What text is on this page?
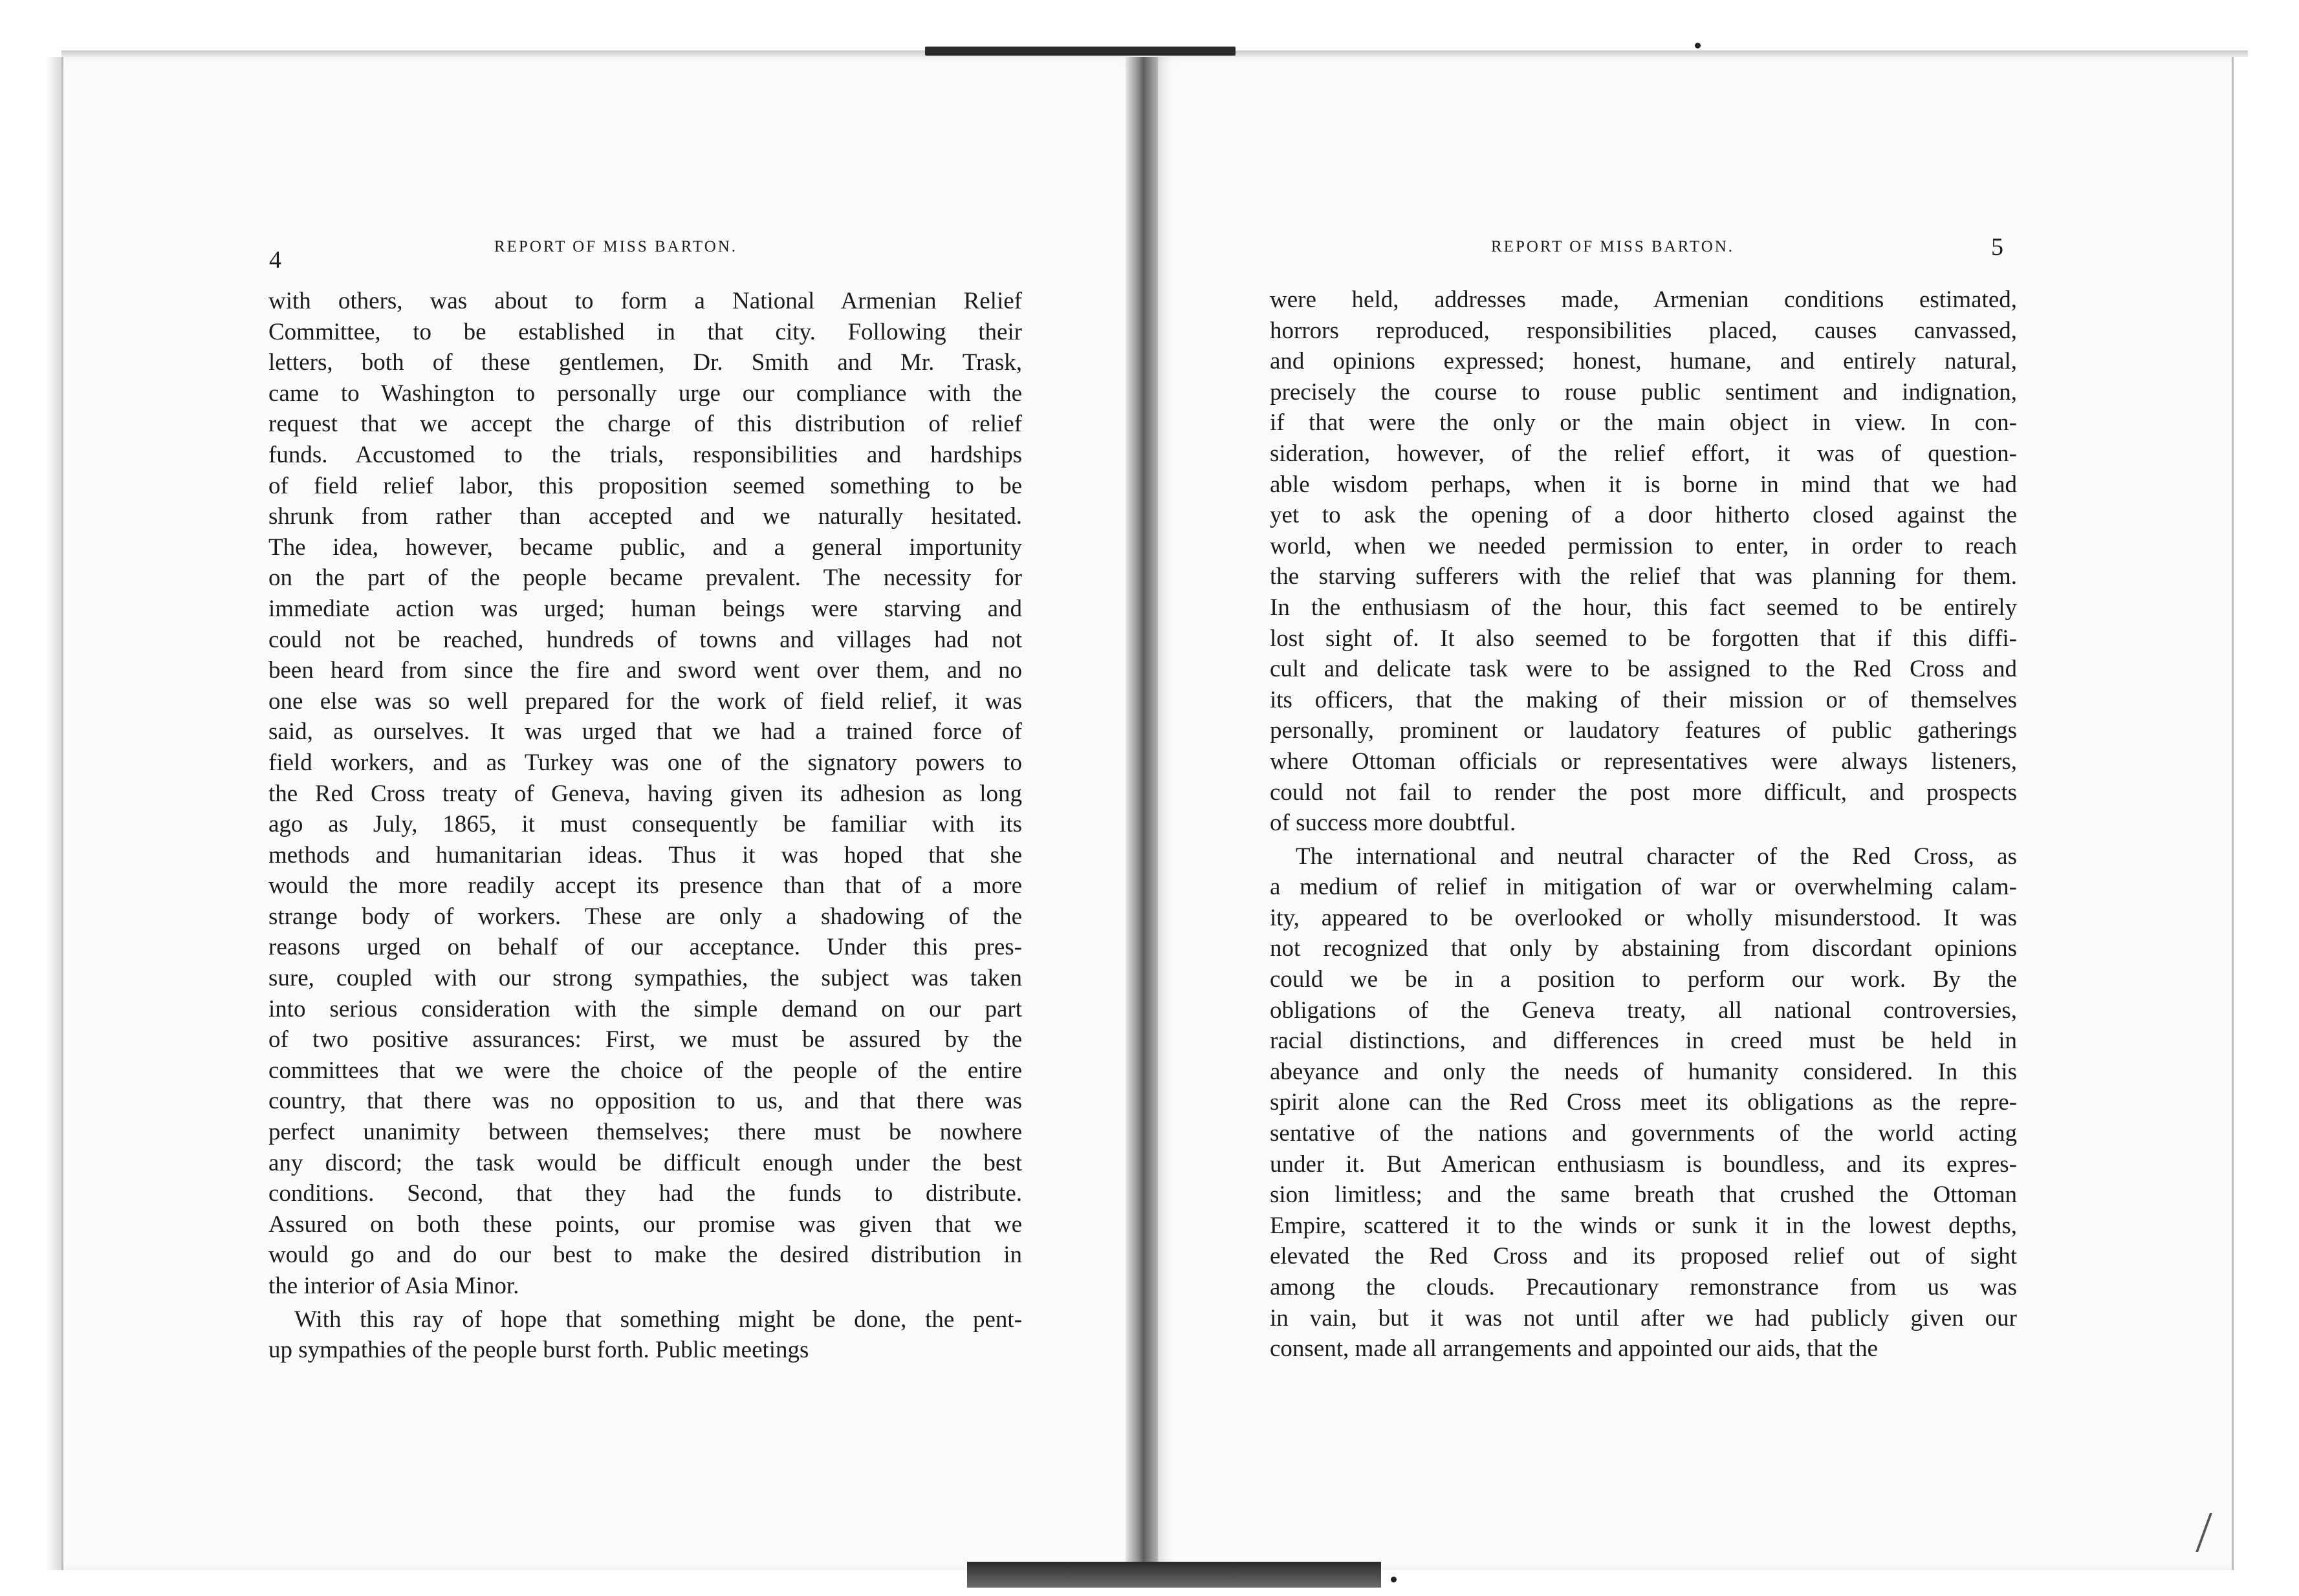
4	REPORT OF MISS BARTON.

with others, was about to form a National Armenian Relief
Committee, to be established in that city. Following their
letters, both of these gentlemen, Dr. Smith and Mr. Trask,
came to Washington to personally urge our compliance with the
request that we accept the charge of this distribution of relief
funds. Accustomed to the trials, responsibilities and hardships
of field relief labor, this proposition seemed something to be
shrunk from rather than accepted and we naturally hesitated.
The idea, however, became public, and a general importunity
on the part of the people became prevalent. The necessity for
immediate action was urged; human beings were starving and
could not be reached, hundreds of towns and villages had not
been heard from since the fire and sword went over them, and no
one else was so well prepared for the work of field relief, it was
said, as ourselves. It was urged that we had a trained force of
field workers, and as Turkey was one of the signatory powers to
the Red Cross treaty of Geneva, having given its adhesion as long
ago as July, 1865, it must consequently be familiar with its
methods and humanitarian ideas. Thus it was hoped that she
would the more readily accept its presence than that of a more
strange body of workers. These are only a shadowing of the
reasons urged on behalf of our acceptance. Under this pres-
sure, coupled with our strong sympathies, the subject was taken
into serious consideration with the simple demand on our part
of two positive assurances: First, we must be assured by the
committees that we were the choice of the people of the entire
country, that there was no opposition to us, and that there was
perfect unanimity between themselves; there must be nowhere
any discord; the task would be difficult enough under the best
conditions. Second, that they had the funds to distribute.
Assured on both these points, our promise was given that we
would go and do our best to make the desired distribution in
the interior of Asia Minor.

With this ray of hope that something might be done, the pent-
up sympathies of the people burst forth. Public meetings

REPORT OF MISS BARTON.	5

were held, addresses made, Armenian conditions estimated,
horrors reproduced, responsibilities placed, causes canvassed,
and opinions expressed; honest, humane, and entirely natural,
precisely the course to rouse public sentiment and indignation,
if that were the only or the main object in view. In con-
sideration, however, of the relief effort, it was of question-
able wisdom perhaps, when it is borne in mind that we had
yet to ask the opening of a door hitherto closed against the
world, when we needed permission to enter, in order to reach
the starving sufferers with the relief that was planning for them.
In the enthusiasm of the hour, this fact seemed to be entirely
lost sight of. It also seemed to be forgotten that if this diffi-
cult and delicate task were to be assigned to the Red Cross and
its officers, that the making of their mission or of themselves
personally, prominent or laudatory features of public gatherings
where Ottoman officials or representatives were always listeners,
could not fail to render the post more difficult, and prospects
of success more doubtful.

The international and neutral character of the Red Cross, as
a medium of relief in mitigation of war or overwhelming calam-
ity, appeared to be overlooked or wholly misunderstood. It was
not recognized that only by abstaining from discordant opinions
could we be in a position to perform our work. By the
obligations of the Geneva treaty, all national controversies,
racial distinctions, and differences in creed must be held in
abeyance and only the needs of humanity considered. In this
spirit alone can the Red Cross meet its obligations as the repre-
sentative of the nations and governments of the world acting
under it. But American enthusiasm is boundless, and its expres-
sion limitless; and the same breath that crushed the Ottoman
Empire, scattered it to the winds or sunk it in the lowest depths,
elevated the Red Cross and its proposed relief out of sight
among the clouds. Precautionary remonstrance from us was
in vain, but it was not until after we had publicly given our
consent, made all arrangements and appointed our aids, that the
